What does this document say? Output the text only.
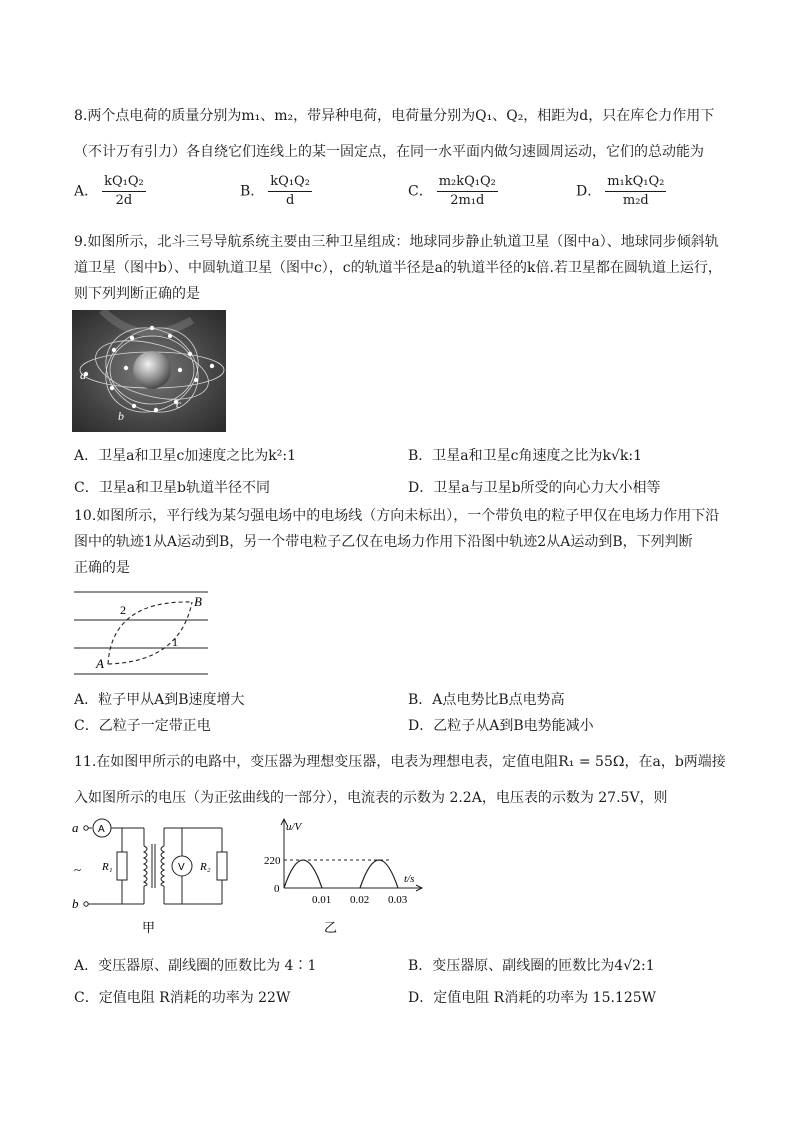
8.两个点电荷的质量分别为m₁、m₂，带异种电荷，电荷量分别为Q₁、Q₂，相距为d，只在库仑力作用下
（不计万有引力）各自绕它们连线上的某一固定点，在同一水平面内做匀速圆周运动，它们的总动能为
A． $\frac{\text{kQ₁Q₂}}{2d}$	B． $\frac{\text{kQ₁Q₂}}{d}$	C． $\frac{\text{m₂kQ₁Q₂}}{\text{2m₁d}}$	D． $\frac{\text{m₁kQ₁Q₂}}{\text{m₂d}}$
9.如图所示，北斗三号导航系统主要由三种卫星组成：地球同步静止轨道卫星（图中a）、地球同步倾斜轨
道卫星（图中b）、中圆轨道卫星（图中c），c的轨道半径是a的轨道半径的k倍.若卫星都在圆轨道上运行，
则下列判断正确的是
a
b
c
A．卫星a和卫星c加速度之比为k²:1	B．卫星a和卫星c角速度之比为k√k:1
C．卫星a和卫星b轨道半径不同	D．卫星a与卫星b所受的向心力大小相等
10.如图所示，平行线为某匀强电场中的电场线（方向未标出），一个带负电的粒子甲仅在电场力作用下沿
图中的轨迹1从A运动到B，另一个带电粒子乙仅在电场力作用下沿图中轨迹2从A运动到B，下列判断
正确的是
A
B
2
1
A．粒子甲从A到B速度增大	B．A点电势比B点电势高
C．乙粒子一定带正电	D．乙粒子从A到B电势能减小
11.在如图甲所示的电路中，变压器为理想变压器，电表为理想电表，定值电阻R₁ = 55Ω，在a，b两端接
入如图所示的电压（为正弦曲线的一部分），电流表的示数为 2.2A，电压表的示数为 27.5V，则
a
b
~
A
V
R₁	R₂
甲
u/V
t/s
220
0
0.01 0.02 0.03
乙
A．变压器原、副线圈的匝数比为 4∶1	B．变压器原、副线圈的匝数比为4√2:1
C．定值电阻 R消耗的功率为 22W	D．定值电阻 R消耗的功率为 15.125W
